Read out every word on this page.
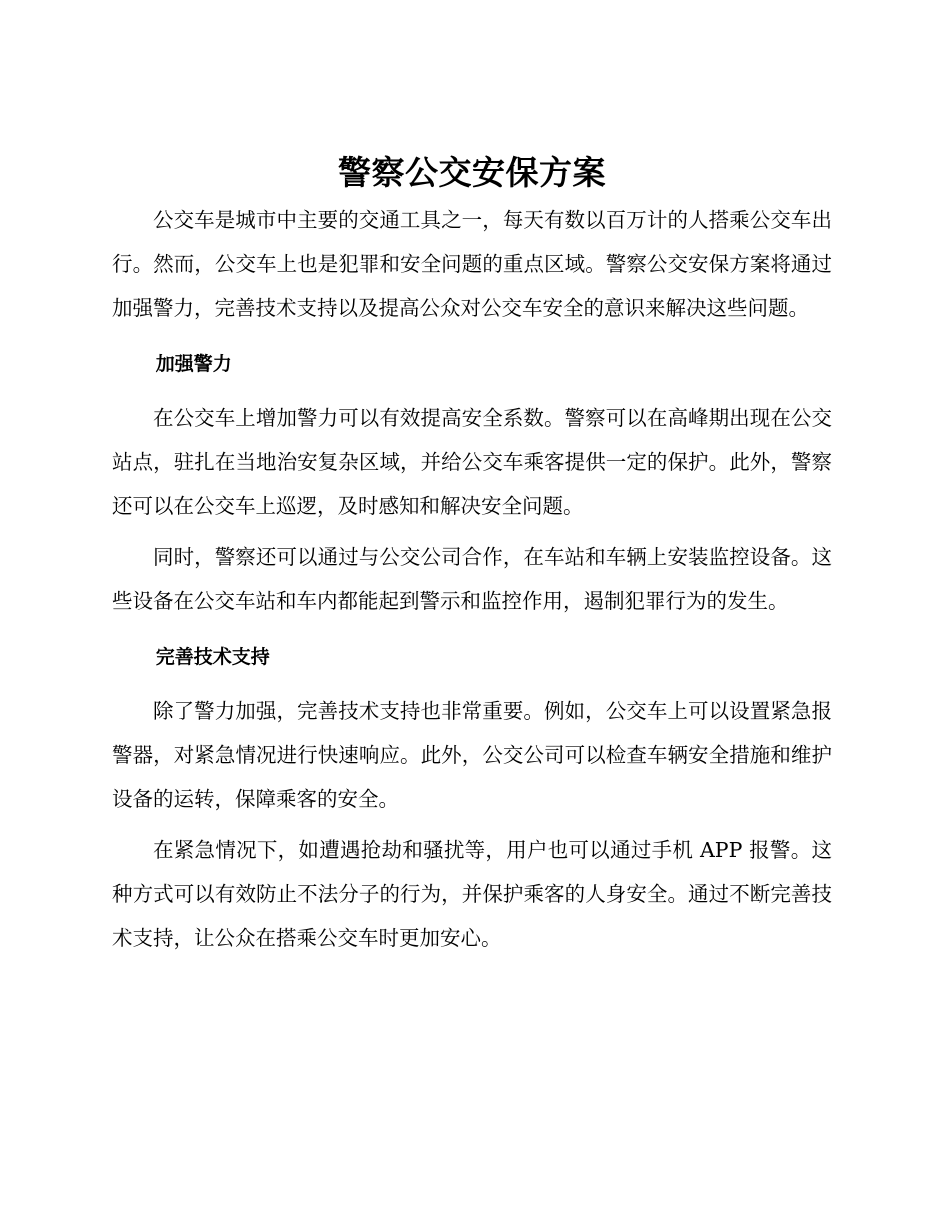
警察公交安保方案

公交车是城市中主要的交通工具之一，每天有数以百万计的人搭乘公交车出行。然而，公交车上也是犯罪和安全问题的重点区域。警察公交安保方案将通过加强警力，完善技术支持以及提高公众对公交车安全的意识来解决这些问题。

加强警力

在公交车上增加警力可以有效提高安全系数。警察可以在高峰期出现在公交站点，驻扎在当地治安复杂区域，并给公交车乘客提供一定的保护。此外，警察还可以在公交车上巡逻，及时感知和解决安全问题。

同时，警察还可以通过与公交公司合作，在车站和车辆上安装监控设备。这些设备在公交车站和车内都能起到警示和监控作用，遏制犯罪行为的发生。

完善技术支持

除了警力加强，完善技术支持也非常重要。例如，公交车上可以设置紧急报警器，对紧急情况进行快速响应。此外，公交公司可以检查车辆安全措施和维护设备的运转，保障乘客的安全。

在紧急情况下，如遭遇抢劫和骚扰等，用户也可以通过手机 APP 报警。这种方式可以有效防止不法分子的行为，并保护乘客的人身安全。通过不断完善技术支持，让公众在搭乘公交车时更加安心。
